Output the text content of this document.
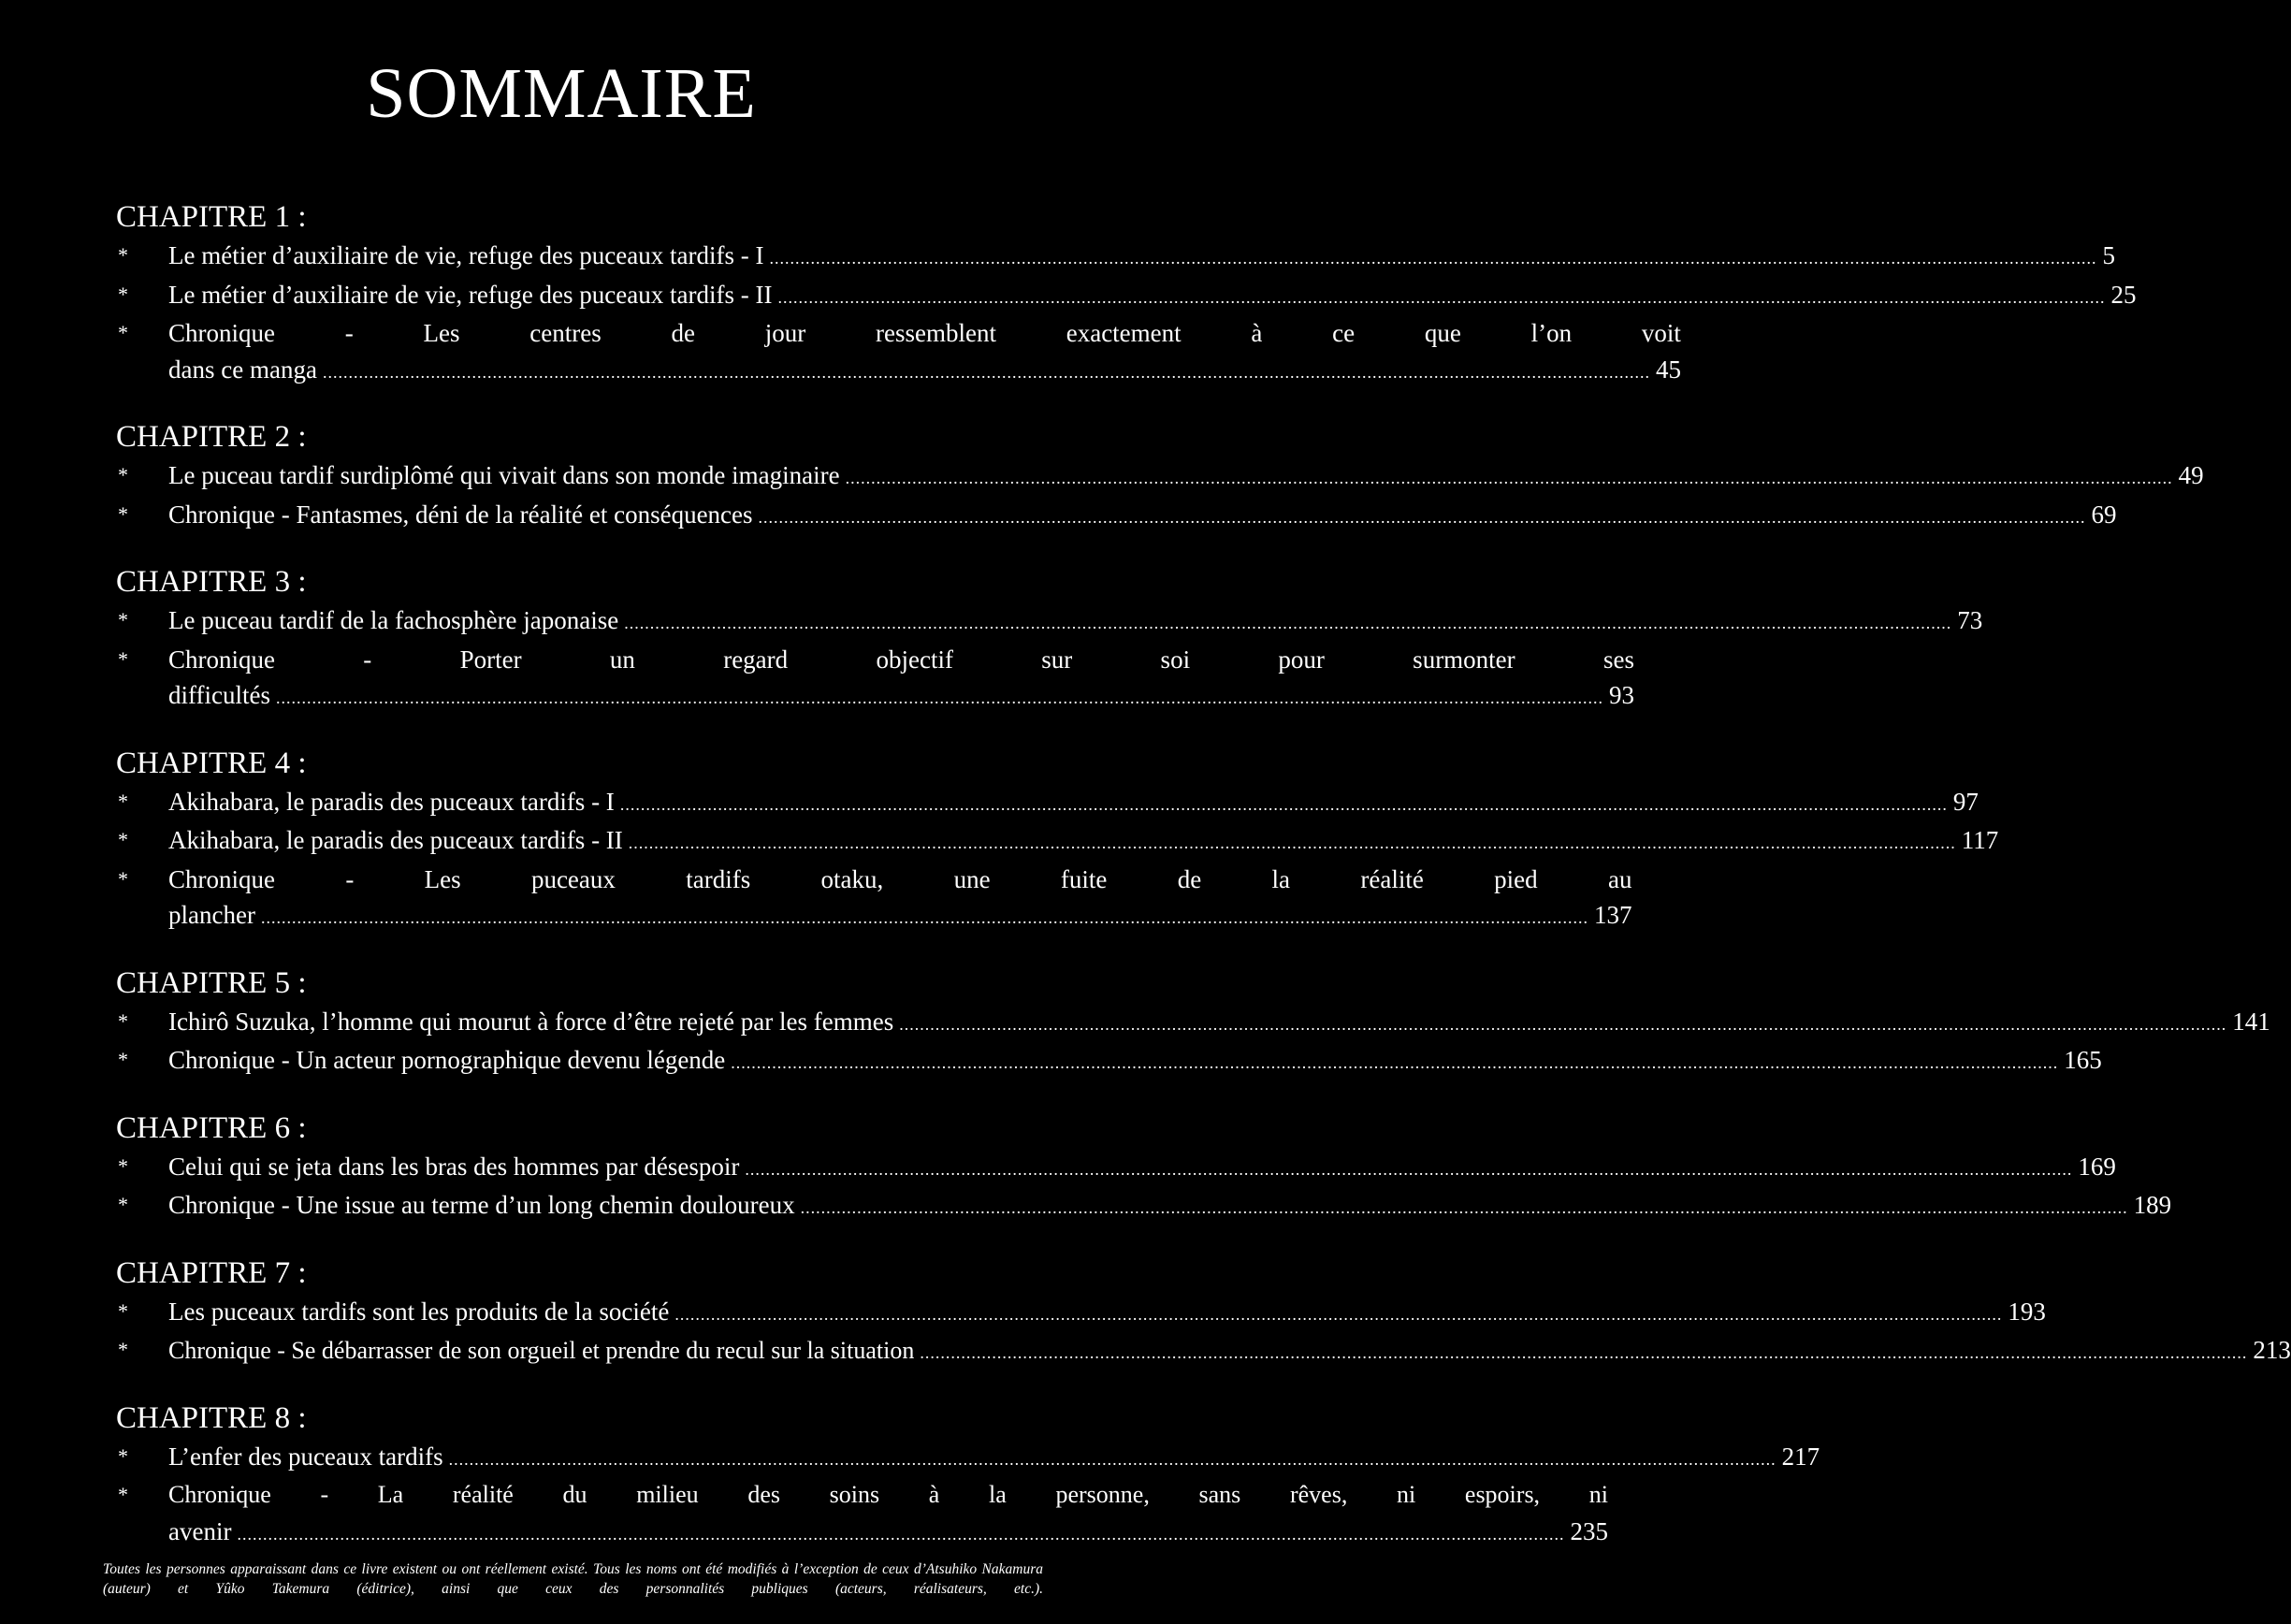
SOMMAIRE
CHAPITRE 1 :
*	Le métier d’auxiliaire de vie, refuge des puceaux tardifs - I .....	5
*	Le métier d’auxiliaire de vie, refuge des puceaux tardifs - II .....	25
*	Chronique - Les centres de jour ressemblent exactement à ce que l’on voit
dans ce manga .....	45
CHAPITRE 2 :
*	Le puceau tardif surdiplômé qui vivait dans son monde imaginaire .....	49
*	Chronique - Fantasmes, déni de la réalité et conséquences .....	69
CHAPITRE 3 :
*	Le puceau tardif de la fachosphère japonaise .....	73
*	Chronique - Porter un regard objectif sur soi pour surmonter ses
difficultés .....	93
CHAPITRE 4 :
*	Akihabara, le paradis des puceaux tardifs - I .....	97
*	Akihabara, le paradis des puceaux tardifs - II .....	117
*	Chronique - Les puceaux tardifs otaku, une fuite de la réalité pied au
plancher .....	137
CHAPITRE 5 :
*	Ichirô Suzuka, l’homme qui mourut à force d’être rejeté par les femmes .....	141
*	Chronique - Un acteur pornographique devenu légende .....	165
CHAPITRE 6 :
*	Celui qui se jeta dans les bras des hommes par désespoir .....	169
*	Chronique - Une issue au terme d’un long chemin douloureux .....	189
CHAPITRE 7 :
*	Les puceaux tardifs sont les produits de la société .....	193
*	Chronique - Se débarrasser de son orgueil et prendre du recul sur la situation .....	213
CHAPITRE 8 :
*	L’enfer des puceaux tardifs .....	217
*	Chronique - La réalité du milieu des soins à la personne, sans rêves, ni espoirs, ni
avenir .....	235
Toutes les personnes apparaissant dans ce livre existent ou ont réellement existé. Tous les noms ont été modifiés à l’exception de ceux d’Atsuhiko Nakamura (auteur) et Yûko Takemura (éditrice), ainsi que ceux des personnalités publiques (acteurs, réalisateurs, etc.).
